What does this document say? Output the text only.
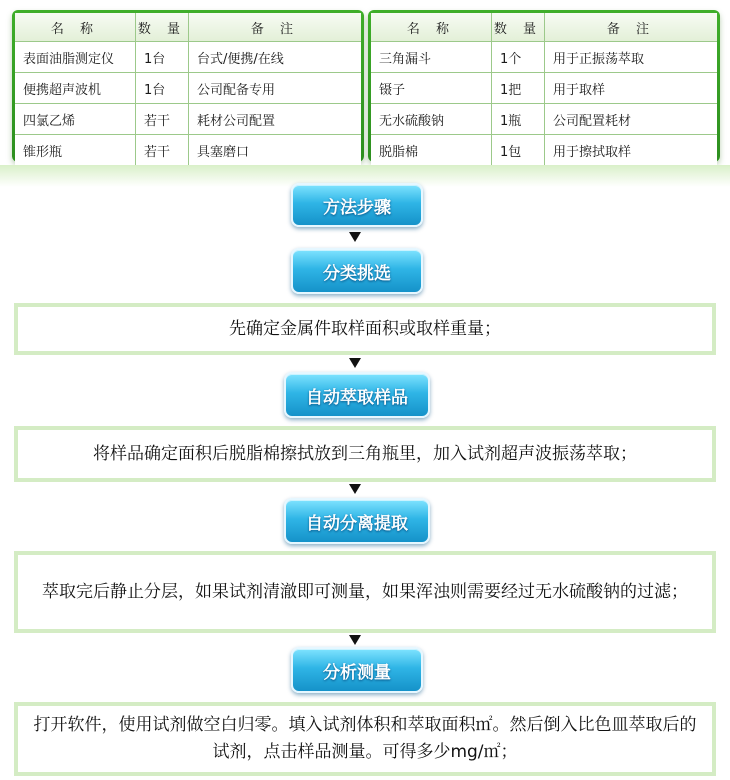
名 称	数 量	备 注
表面油脂测定仪	1台	台式/便携/在线
便携超声波机	1台	公司配备专用
四氯乙烯	若干	耗材公司配置
锥形瓶	若干	具塞磨口
名 称	数 量	备 注
三角漏斗	1个	用于正振荡萃取
镊子	1把	用于取样
无水硫酸钠	1瓶	公司配置耗材
脱脂棉	1包	用于擦拭取样
方法步骤
分类挑选
先确定金属件取样面积或取样重量；
自动萃取样品
将样品确定面积后脱脂棉擦拭放到三角瓶里，加入试剂超声波振荡萃取；
自动分离提取
萃取完后静止分层，如果试剂清澈即可测量，如果浑浊则需要经过无水硫酸钠的过滤；
分析测量
打开软件，使用试剂做空白归零。填入试剂体积和萃取面积㎡。然后倒入比色皿萃取后的试剂，点击样品测量。可得多少mg/㎡；
